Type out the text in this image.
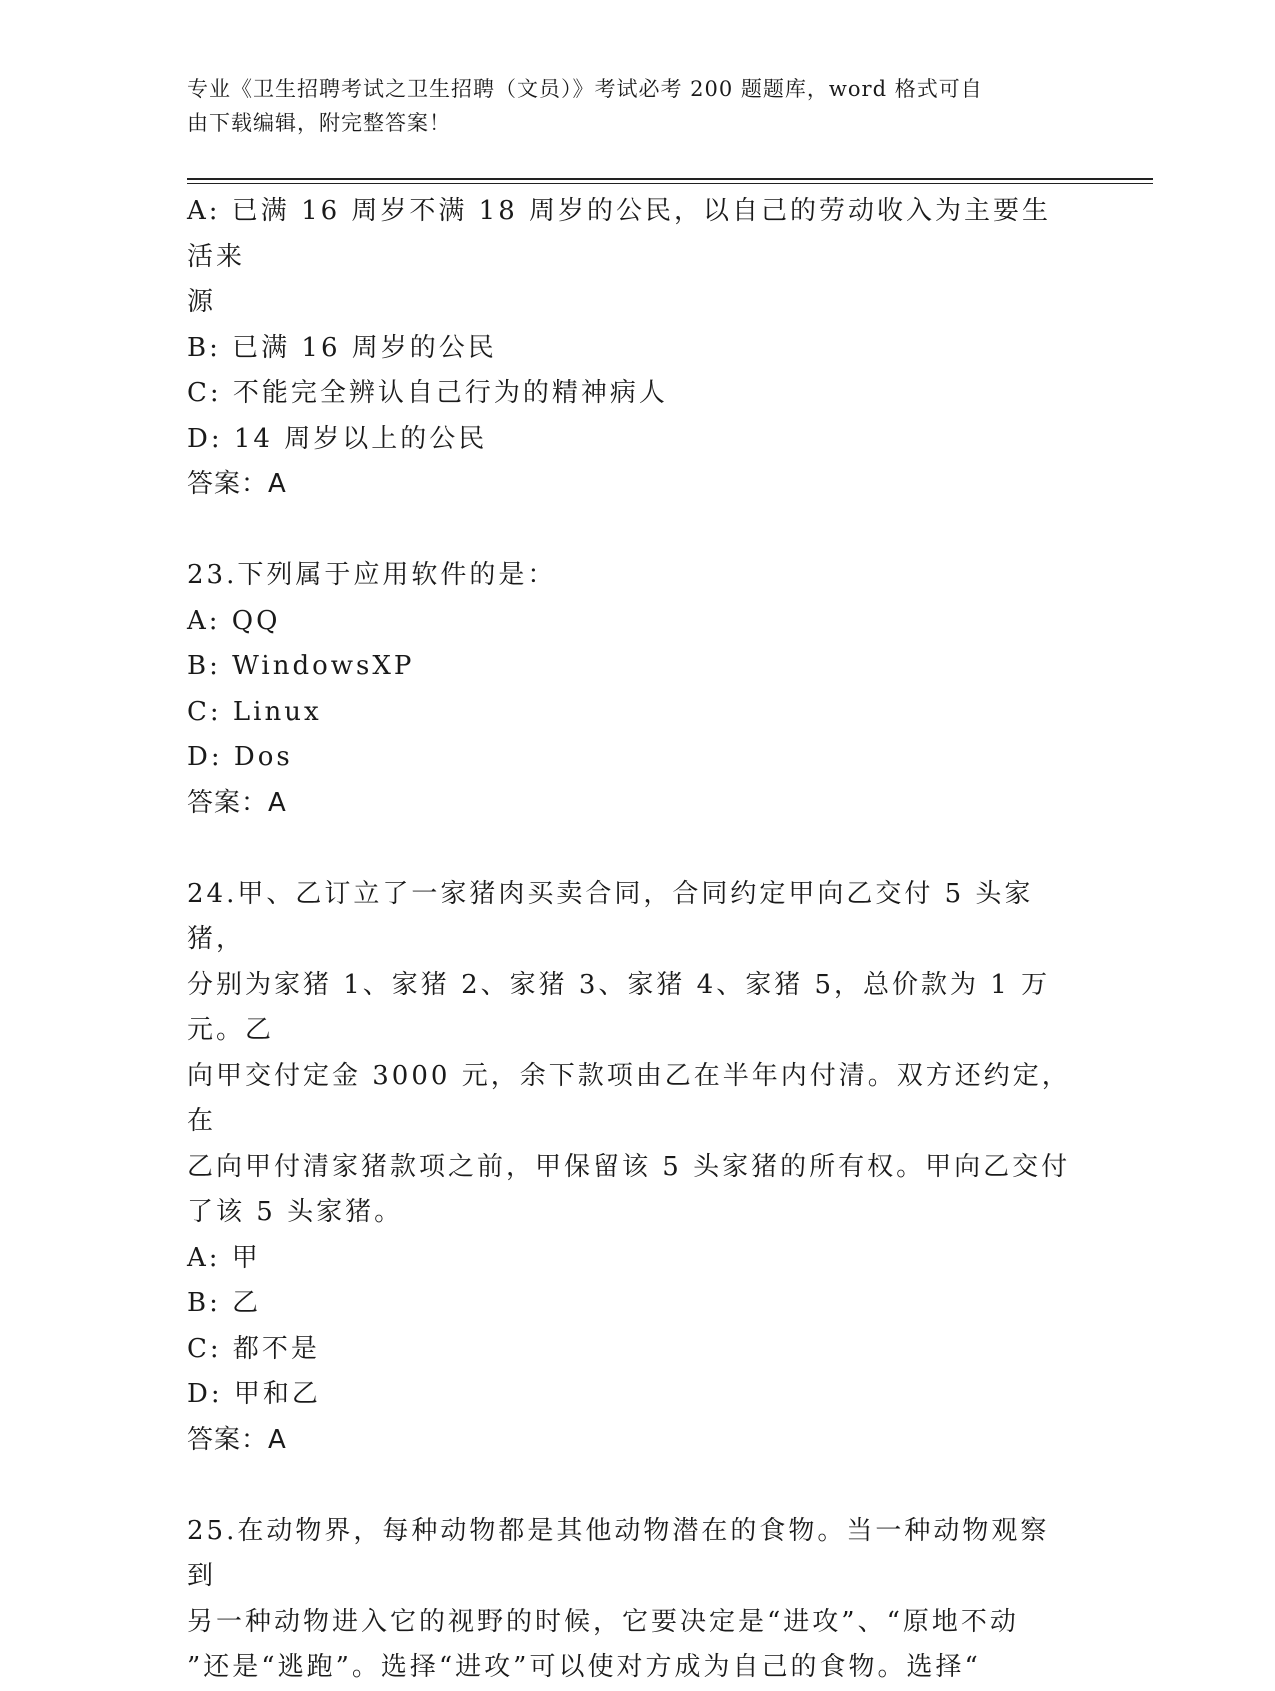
专业《卫生招聘考试之卫生招聘（文员）》考试必考 200 题题库，word 格式可自
由下载编辑，附完整答案！

A: 已满 16 周岁不满 18 周岁的公民，以自己的劳动收入为主要生活来

源

B: 已满 16 周岁的公民

C: 不能完全辨认自己行为的精神病人

D: 14 周岁以上的公民

答案：A

23.下列属于应用软件的是：

A: QQ

B: WindowsXP

C: Linux

D: Dos

答案：A

24.甲、乙订立了一家猪肉买卖合同，合同约定甲向乙交付 5 头家猪，

分别为家猪 1、家猪 2、家猪 3、家猪 4、家猪 5，总价款为 1 万元。乙

向甲交付定金 3000 元，余下款项由乙在半年内付清。双方还约定，在

乙向甲付清家猪款项之前，甲保留该 5 头家猪的所有权。甲向乙交付

了该 5 头家猪。

A: 甲

B: 乙

C: 都不是

D: 甲和乙

答案：A

25.在动物界，每种动物都是其他动物潜在的食物。当一种动物观察到

另一种动物进入它的视野的时候，它要决定是“进攻”、“原地不动

”还是“逃跑”。选择“进攻”可以使对方成为自己的食物。选择“
